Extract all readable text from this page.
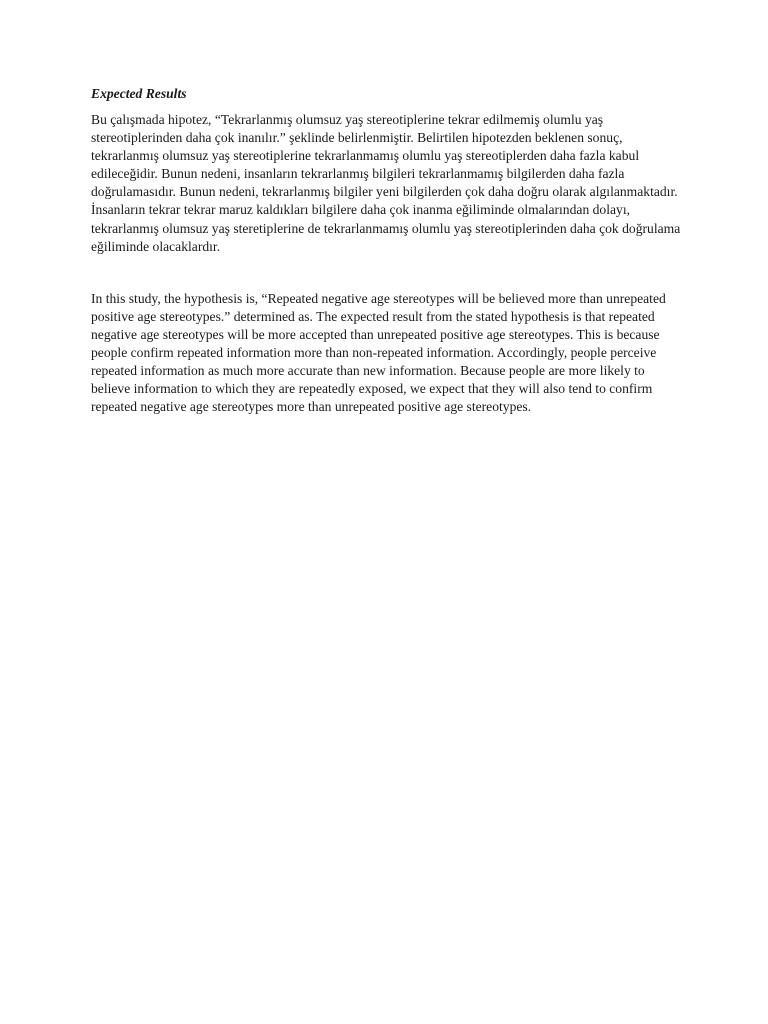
Expected Results

Bu çalışmada hipotez, “Tekrarlanmış olumsuz yaş stereotiplerine tekrar edilmemiş olumlu yaş stereotiplerinden daha çok inanılır.” şeklinde belirlenmiştir. Belirtilen hipotezden beklenen sonuç, tekrarlanmış olumsuz yaş stereotiplerine tekrarlanmamış olumlu yaş stereotiplerden daha fazla kabul edileceğidir. Bunun nedeni, insanların tekrarlanmış bilgileri tekrarlanmamış bilgilerden daha fazla doğrulamasıdır. Bunun nedeni, tekrarlanmış bilgiler yeni bilgilerden çok daha doğru olarak algılanmaktadır. İnsanların tekrar tekrar maruz kaldıkları bilgilere daha çok inanma eğiliminde olmalarından dolayı, tekrarlanmış olumsuz yaş steretiplerine de tekrarlanmamış olumlu yaş stereotiplerinden daha çok doğrulama eğiliminde olacaklardır.

In this study, the hypothesis is, “Repeated negative age stereotypes will be believed more than unrepeated positive age stereotypes.” determined as. The expected result from the stated hypothesis is that repeated negative age stereotypes will be more accepted than unrepeated positive age stereotypes. This is because people confirm repeated information more than non-repeated information. Accordingly, people perceive repeated information as much more accurate than new information. Because people are more likely to believe information to which they are repeatedly exposed, we expect that they will also tend to confirm repeated negative age stereotypes more than unrepeated positive age stereotypes.
